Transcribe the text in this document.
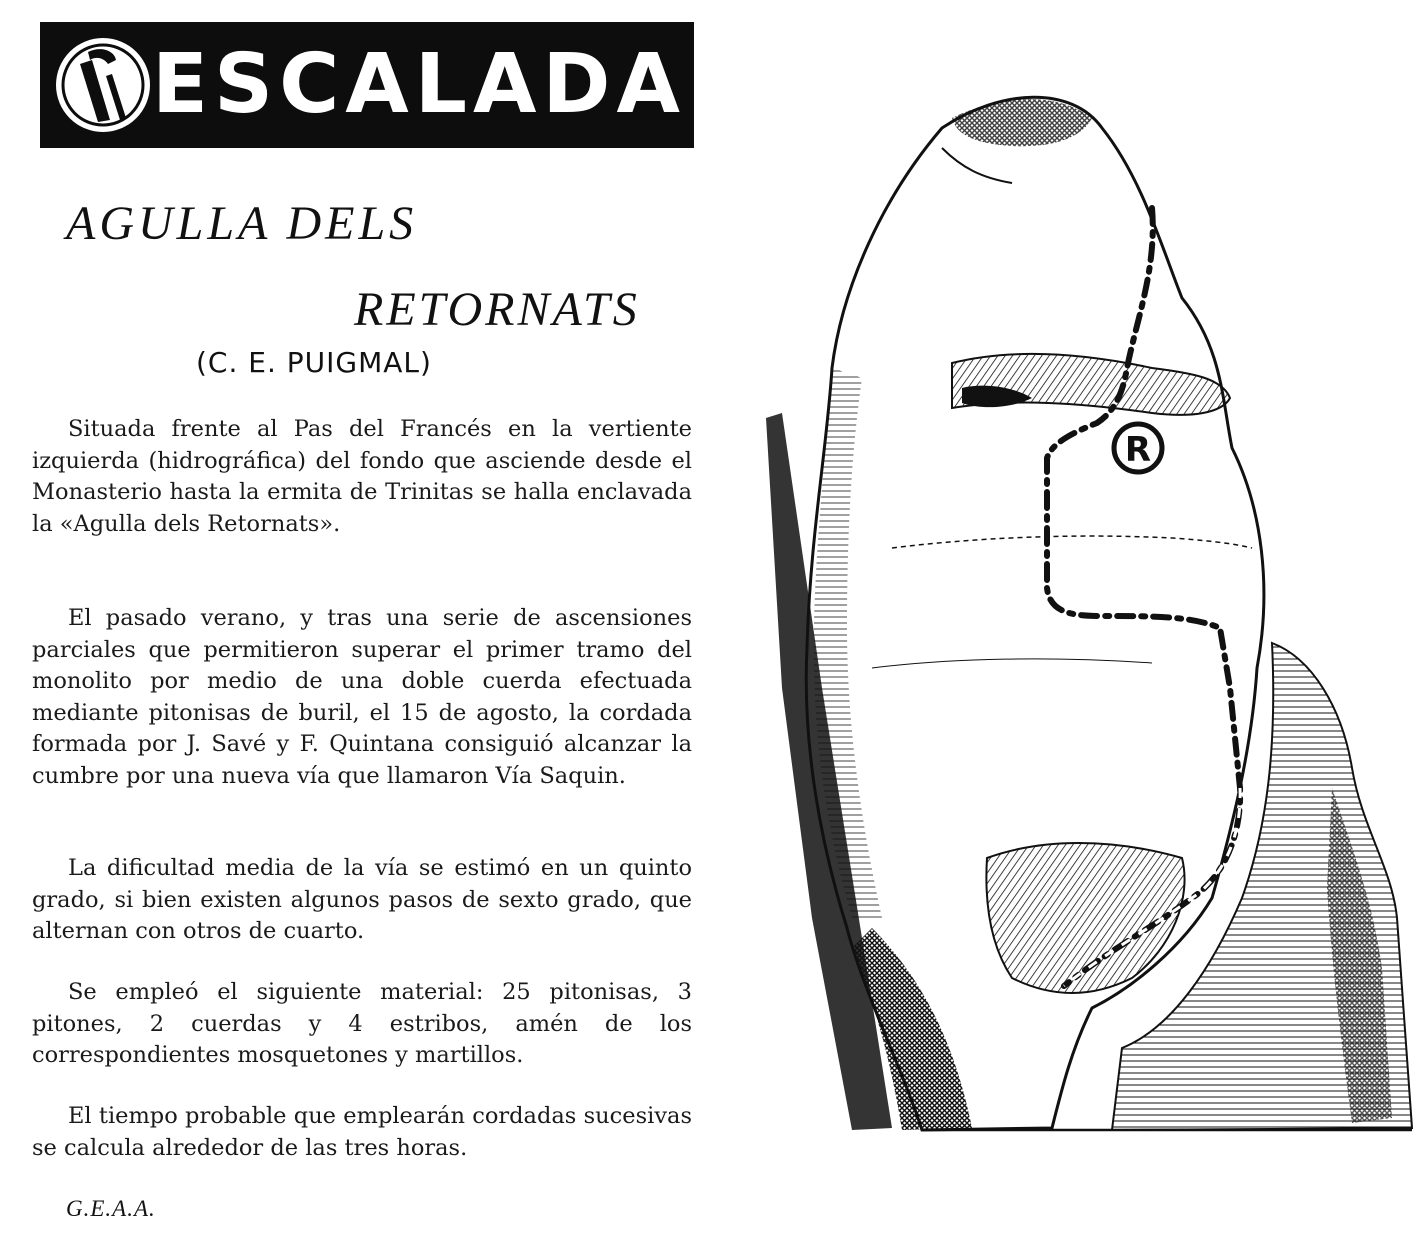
ESCALADA
AGULLA DELS
RETORNATS
(C. E. PUIGMAL)

Situada frente al Pas del Francés en la vertiente izquierda (hidrográfica) del fondo que asciende desde el Monasterio hasta la ermita de Trinitas se halla enclavada la «Agulla dels Retornats».

El pasado verano, y tras una serie de ascensiones parciales que permitieron superar el primer tramo del monolito por medio de una doble cuerda efectuada mediante pitonisas de buril, el 15 de agosto, la cordada formada por J. Savé y F. Quintana consiguió alcanzar la cumbre por una nueva vía que llamaron Vía Saquin.

La dificultad media de la vía se estimó en un quinto grado, si bien existen algunos pasos de sexto grado, que alternan con otros de cuarto.

Se empleó el siguiente material: 25 pitonisas, 3 pitones, 2 cuerdas y 4 estribos, amén de los correspondientes mosquetones y martillos.

El tiempo probable que emplearán cordadas sucesivas se calcula alrededor de las tres horas.

G.E.A.A.
R
